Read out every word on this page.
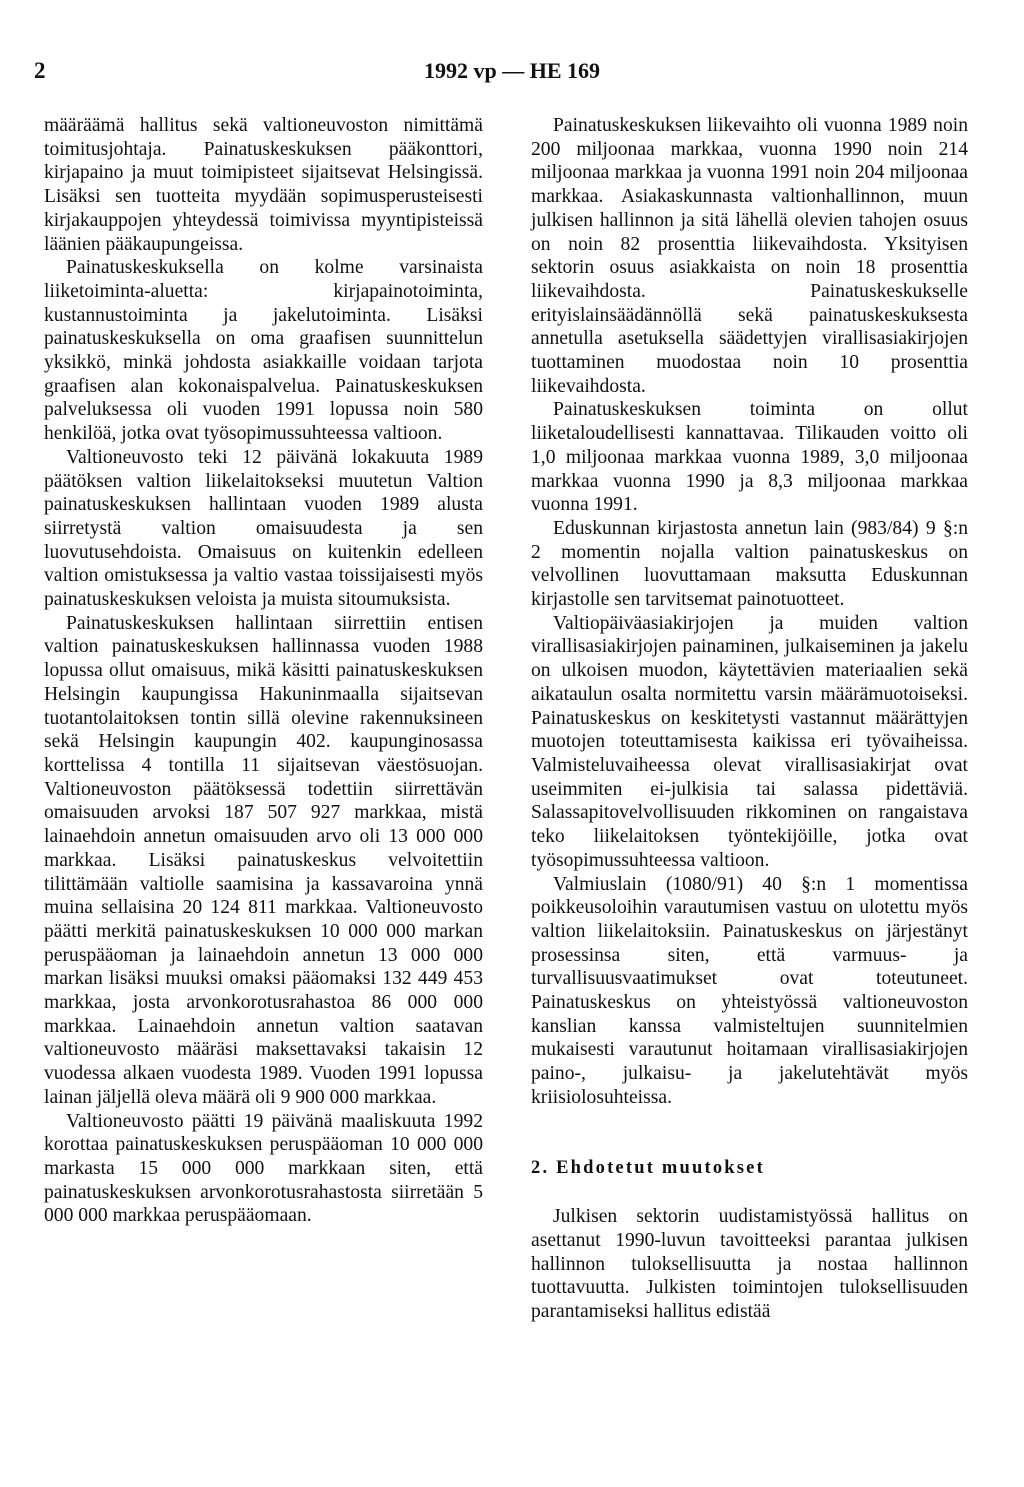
2	1992 vp — HE 169

määräämä hallitus sekä valtioneuvoston nimittämä toimitusjohtaja. Painatuskeskuksen pääkonttori, kirjapaino ja muut toimipisteet sijaitsevat Helsingissä. Lisäksi sen tuotteita myydään sopimusperusteisesti kirjakauppojen yhteydessä toimivissa myyntipisteissä läänien pääkaupungeissa.

Painatuskeskuksella on kolme varsinaista liiketoiminta-aluetta: kirjapainotoiminta, kustannustoiminta ja jakelutoiminta. Lisäksi painatuskeskuksella on oma graafisen suunnittelun yksikkö, minkä johdosta asiakkaille voidaan tarjota graafisen alan kokonaispalvelua. Painatuskeskuksen palveluksessa oli vuoden 1991 lopussa noin 580 henkilöä, jotka ovat työsopimussuhteessa valtioon.

Valtioneuvosto teki 12 päivänä lokakuuta 1989 päätöksen valtion liikelaitokseksi muutetun Valtion painatuskeskuksen hallintaan vuoden 1989 alusta siirretystä valtion omaisuudesta ja sen luovutusehdoista. Omaisuus on kuitenkin edelleen valtion omistuksessa ja valtio vastaa toissijaisesti myös painatuskeskuksen veloista ja muista sitoumuksista.

Painatuskeskuksen hallintaan siirrettiin entisen valtion painatuskeskuksen hallinnassa vuoden 1988 lopussa ollut omaisuus, mikä käsitti painatuskeskuksen Helsingin kaupungissa Hakuninmaalla sijaitsevan tuotantolaitoksen tontin sillä olevine rakennuksineen sekä Helsingin kaupungin 402. kaupunginosassa korttelissa 4 tontilla 11 sijaitsevan väestösuojan. Valtioneuvoston päätöksessä todettiin siirrettävän omaisuuden arvoksi 187 507 927 markkaa, mistä lainaehdoin annetun omaisuuden arvo oli 13 000 000 markkaa. Lisäksi painatuskeskus velvoitettiin tilittämään valtiolle saamisina ja kassavaroina ynnä muina sellaisina 20 124 811 markkaa. Valtioneuvosto päätti merkitä painatuskeskuksen 10 000 000 markan peruspääoman ja lainaehdoin annetun 13 000 000 markan lisäksi muuksi omaksi pääomaksi 132 449 453 markkaa, josta arvonkorotusrahastoa 86 000 000 markkaa. Lainaehdoin annetun valtion saatavan valtioneuvosto määräsi maksettavaksi takaisin 12 vuodessa alkaen vuodesta 1989. Vuoden 1991 lopussa lainan jäljellä oleva määrä oli 9 900 000 markkaa.

Valtioneuvosto päätti 19 päivänä maaliskuuta 1992 korottaa painatuskeskuksen peruspääoman 10 000 000 markasta 15 000 000 markkaan siten, että painatuskeskuksen arvonkorotusrahastosta siirretään 5 000 000 markkaa peruspääomaan.

Painatuskeskuksen liikevaihto oli vuonna 1989 noin 200 miljoonaa markkaa, vuonna 1990 noin 214 miljoonaa markkaa ja vuonna 1991 noin 204 miljoonaa markkaa. Asiakaskunnasta valtionhallinnon, muun julkisen hallinnon ja sitä lähellä olevien tahojen osuus on noin 82 prosenttia liikevaihdosta. Yksityisen sektorin osuus asiakkaista on noin 18 prosenttia liikevaihdosta. Painatuskeskukselle erityislainsäädännöllä sekä painatuskeskuksesta annetulla asetuksella säädettyjen virallisasiakirjojen tuottaminen muodostaa noin 10 prosenttia liikevaihdosta.

Painatuskeskuksen toiminta on ollut liiketaloudellisesti kannattavaa. Tilikauden voitto oli 1,0 miljoonaa markkaa vuonna 1989, 3,0 miljoonaa markkaa vuonna 1990 ja 8,3 miljoonaa markkaa vuonna 1991.

Eduskunnan kirjastosta annetun lain (983/84) 9 §:n 2 momentin nojalla valtion painatuskeskus on velvollinen luovuttamaan maksutta Eduskunnan kirjastolle sen tarvitsemat painotuotteet.

Valtiopäiväasiakirjojen ja muiden valtion virallisasiakirjojen painaminen, julkaiseminen ja jakelu on ulkoisen muodon, käytettävien materiaalien sekä aikataulun osalta normitettu varsin määrämuotoiseksi. Painatuskeskus on keskitetysti vastannut määrättyjen muotojen toteuttamisesta kaikissa eri työvaiheissa. Valmisteluvaiheessa olevat virallisasiakirjat ovat useimmiten ei-julkisia tai salassa pidettäviä. Salassapitovelvollisuuden rikkominen on rangaistava teko liikelaitoksen työntekijöille, jotka ovat työsopimussuhteessa valtioon.

Valmiuslain (1080/91) 40 §:n 1 momentissa poikkeusoloihin varautumisen vastuu on ulotettu myös valtion liikelaitoksiin. Painatuskeskus on järjestänyt prosessinsa siten, että varmuus- ja turvallisuusvaatimukset ovat toteutuneet. Painatuskeskus on yhteistyössä valtioneuvoston kanslian kanssa valmisteltujen suunnitelmien mukaisesti varautunut hoitamaan virallisasiakirjojen paino-, julkaisu- ja jakelutehtävät myös kriisiolosuhteissa.

2. Ehdotetut muutokset

Julkisen sektorin uudistamistyössä hallitus on asettanut 1990-luvun tavoitteeksi parantaa julkisen hallinnon tuloksellisuutta ja nostaa hallinnon tuottavuutta. Julkisten toimintojen tuloksellisuuden parantamiseksi hallitus edistää
